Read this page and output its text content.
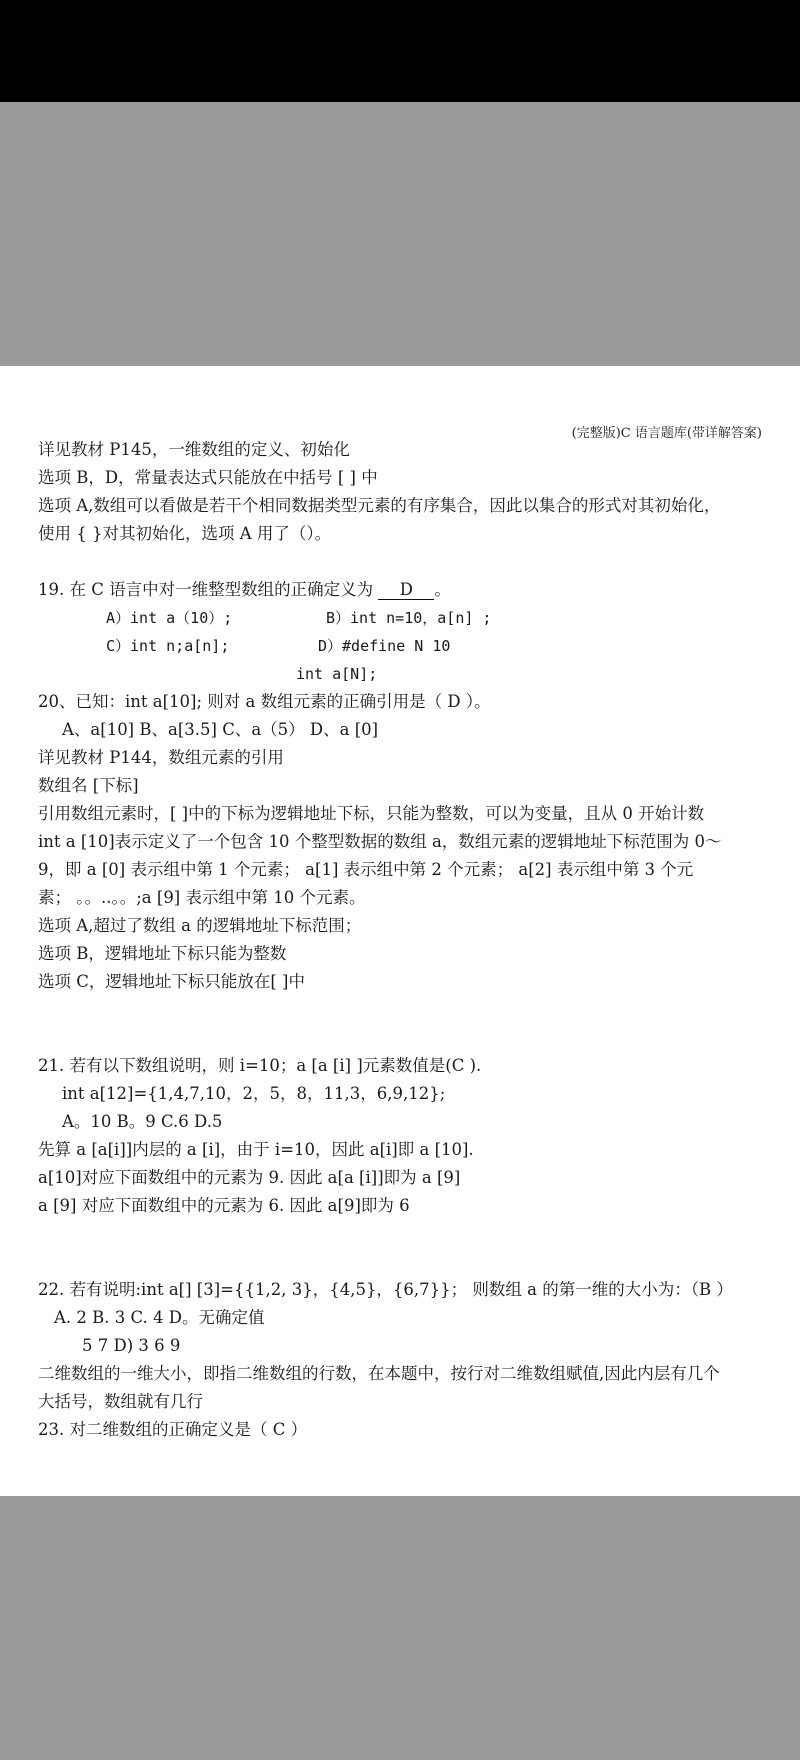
(完整版)C 语言题库(带详解答案)
详见教材 P145，一维数组的定义、初始化
选项 B，D，常量表达式只能放在中括号 [ ] 中
选项 A,数组可以看做是若干个相同数据类型元素的有序集合，因此以集合的形式对其初始化，
使用 { }对其初始化，选项 A 用了（）。
19. 在 C 语言中对一维整型数组的正确定义为 D 。
A）int a（10）;	B）int n=10，a[n] ;
C）int n;a[n];	D）#define N 10
int a[N];
20、已知：int a[10]; 则对 a 数组元素的正确引用是（ D ）。
A、a[10] B、a[3.5] C、a（5） D、a [0]
详见教材 P144，数组元素的引用
数组名 [下标]
引用数组元素时，[ ]中的下标为逻辑地址下标，只能为整数，可以为变量，且从 0 开始计数
int a [10]表示定义了一个包含 10 个整型数据的数组 a，数组元素的逻辑地址下标范围为 0～
9，即 a [0] 表示组中第 1 个元素； a[1] 表示组中第 2 个元素； a[2] 表示组中第 3 个元
素； 。。..。。;a [9] 表示组中第 10 个元素。
选项 A,超过了数组 a 的逻辑地址下标范围；
选项 B，逻辑地址下标只能为整数
选项 C，逻辑地址下标只能放在[ ]中
21. 若有以下数组说明，则 i=10；a [a [i] ]元素数值是(C ).
int a[12]={1,4,7,10，2，5，8，11,3，6,9,12};
A。10 B。9 C.6 D.5
先算 a [a[i]]内层的 a [i]，由于 i=10，因此 a[i]即 a [10].
a[10]对应下面数组中的元素为 9. 因此 a[a [i]]即为 a [9]
a [9] 对应下面数组中的元素为 6. 因此 a[9]即为 6
22. 若有说明:int a[] [3]={{1,2, 3}，{4,5}，{6,7}}； 则数组 a 的第一维的大小为：（B ）
A. 2 B. 3 C. 4 D。无确定值
5 7 D) 3 6 9
二维数组的一维大小，即指二维数组的行数，在本题中，按行对二维数组赋值,因此内层有几个
大括号，数组就有几行
23. 对二维数组的正确定义是（ C ）
